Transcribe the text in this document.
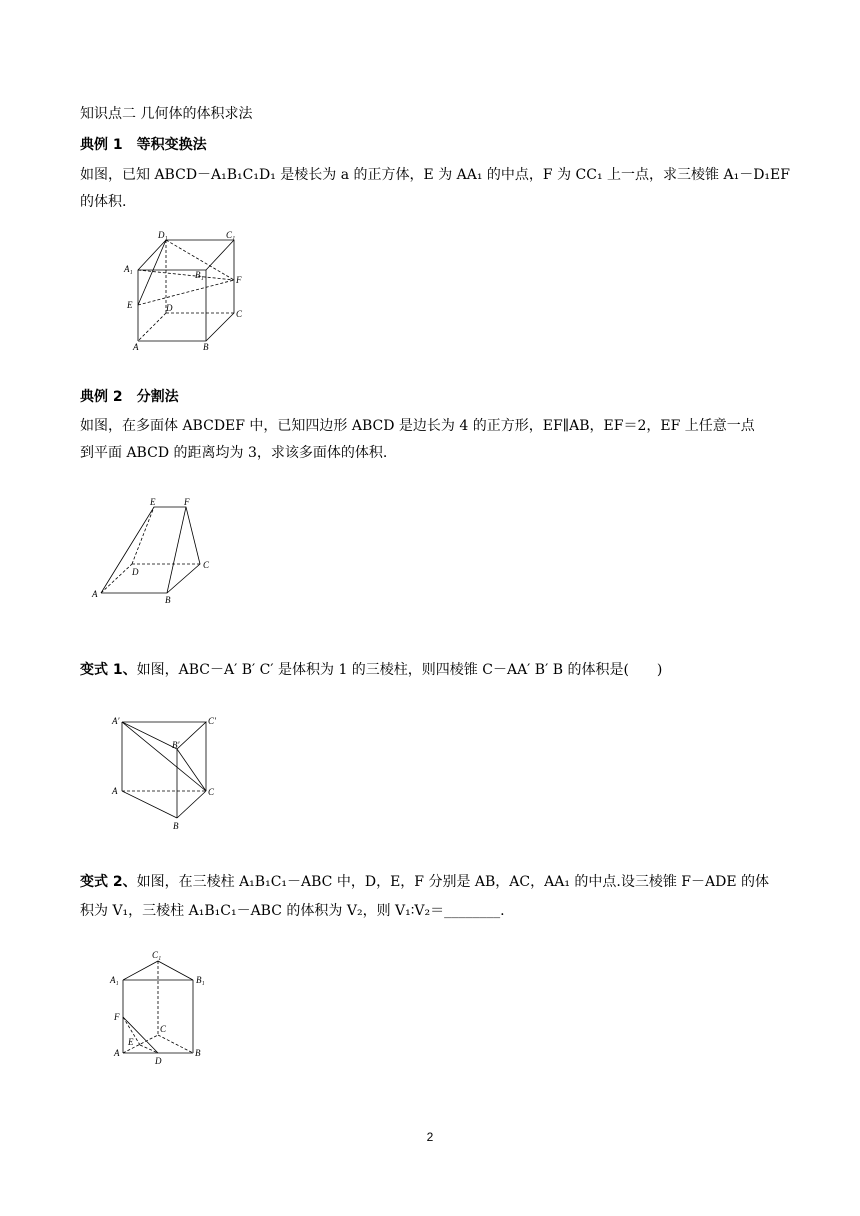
知识点二 几何体的体积求法
典例 1　等积变换法
如图，已知 ABCD－A₁B₁C₁D₁ 是棱长为 a 的正方体，E 为 AA₁ 的中点，F 为 CC₁ 上一点，求三棱锥 A₁－D₁EF
的体积.
D₁	C₁
A₁
B₁	F
E	D
C
A	B
典例 2　分割法
如图，在多面体 ABCDEF 中，已知四边形 ABCD 是边长为 4 的正方形，EF∥AB，EF＝2，EF 上任意一点
到平面 ABCD 的距离均为 3，求该多面体的体积.
E	F
D
C
A
B
变式 1、如图，ABC－A′ B′ C′ 是体积为 1 的三棱柱，则四棱锥 C－AA′ B′ B 的体积是(　　)
A′	C′
B′
A	C
B
变式 2、如图，在三棱柱 A₁B₁C₁－ABC 中，D，E，F 分别是 AB，AC，AA₁ 的中点.设三棱锥 F－ADE 的体
积为 V₁，三棱柱 A₁B₁C₁－ABC 的体积为 V₂，则 V₁∶V₂＝________.
C₁
A₁	B₁
F
C
E
A
D
B
2
